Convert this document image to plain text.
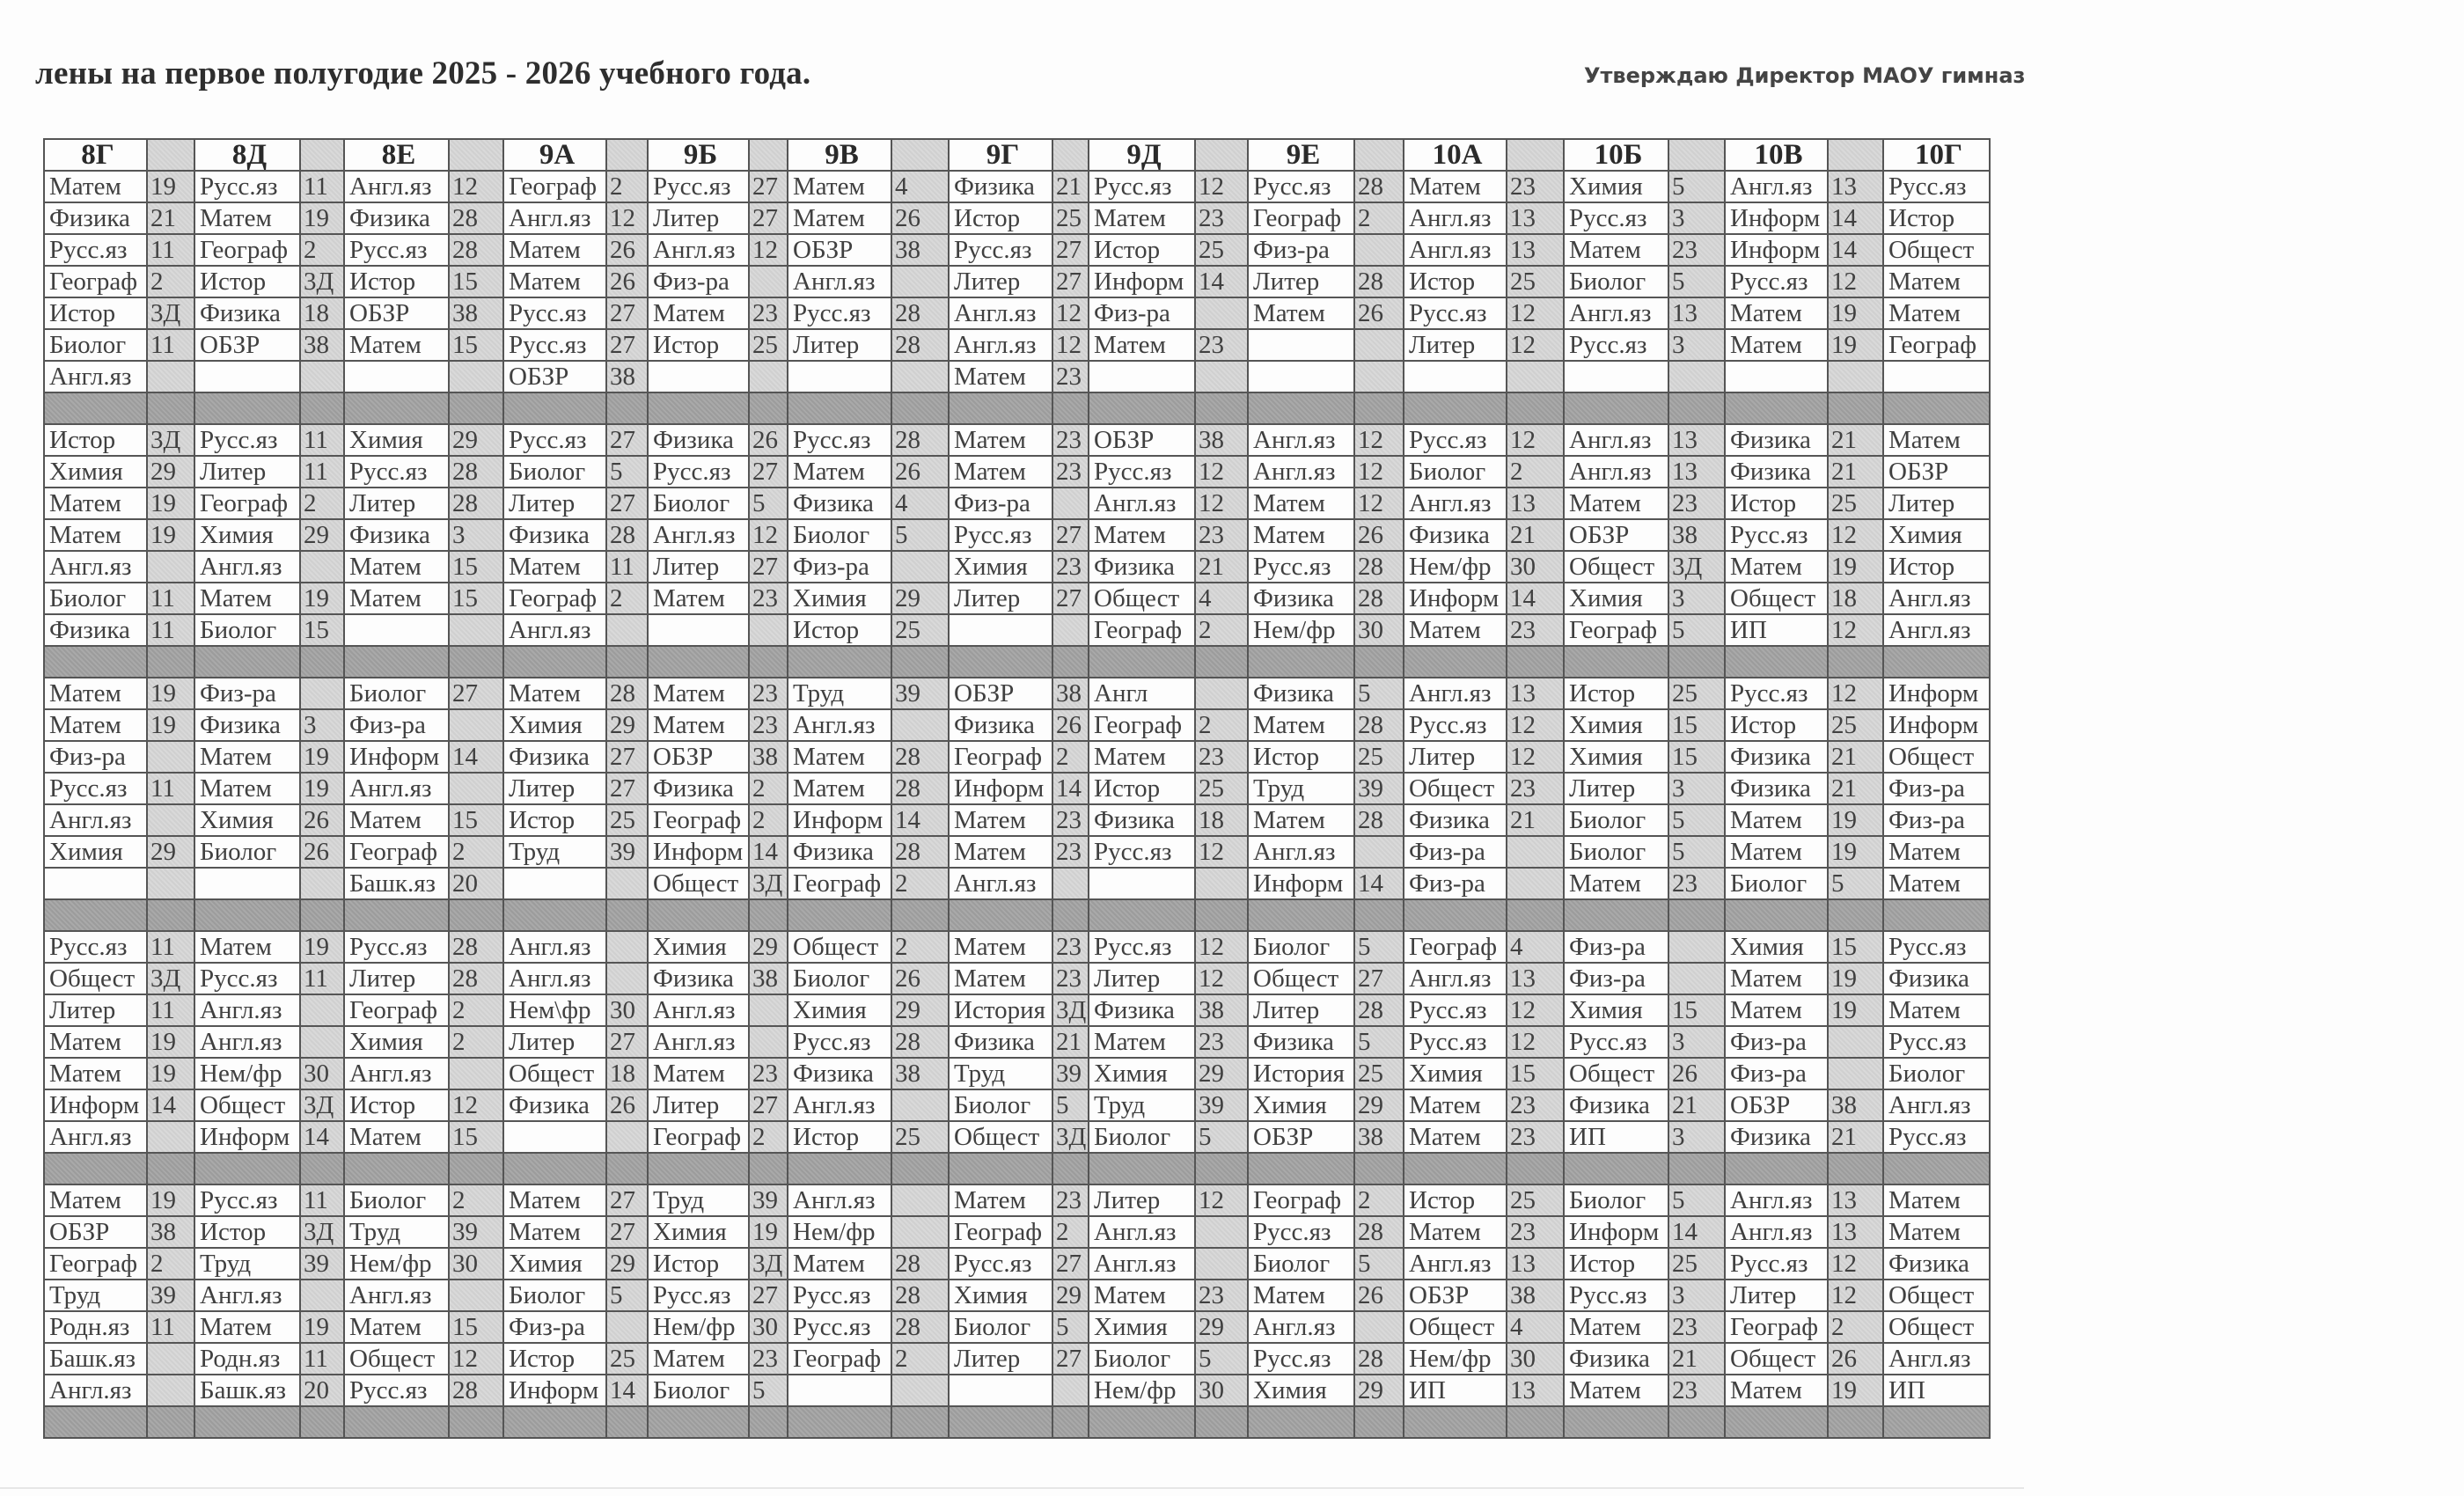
лены на первое полугодие 2025 - 2026 учебного года.	Утверждаю Директор МАОУ гимназ
8Г		8Д		8Е		9А		9Б		9В		9Г		9Д		9Е		10А		10Б		10В		10Г
Матем	19	Русс.яз	11	Англ.яз	12	Географ	2	Русс.яз	27	Матем	4	Физика	21	Русс.яз	12	Русс.яз	28	Матем	23	Химия	5	Англ.яз	13	Русс.яз
Физика	21	Матем	19	Физика	28	Англ.яз	12	Литер	27	Матем	26	Истор	25	Матем	23	Географ	2	Англ.яз	13	Русс.яз	3	Информ	14	Истор
Русс.яз	11	Географ	2	Русс.яз	28	Матем	26	Англ.яз	12	ОБЗР	38	Русс.яз	27	Истор	25	Физ-ра		Англ.яз	13	Матем	23	Информ	14	Общест
Географ	2	Истор	3Д	Истор	15	Матем	26	Физ-ра		Англ.яз		Литер	27	Информ	14	Литер	28	Истор	25	Биолог	5	Русс.яз	12	Матем
Истор	3Д	Физика	18	ОБЗР	38	Русс.яз	27	Матем	23	Русс.яз	28	Англ.яз	12	Физ-ра		Матем	26	Русс.яз	12	Англ.яз	13	Матем	19	Матем
Биолог	11	ОБЗР	38	Матем	15	Русс.яз	27	Истор	25	Литер	28	Англ.яз	12	Матем	23			Литер	12	Русс.яз	3	Матем	19	Географ
Англ.яз						ОБЗР	38					Матем	23											

Истор	3Д	Русс.яз	11	Химия	29	Русс.яз	27	Физика	26	Русс.яз	28	Матем	23	ОБЗР	38	Англ.яз	12	Русс.яз	12	Англ.яз	13	Физика	21	Матем
Химия	29	Литер	11	Русс.яз	28	Биолог	5	Русс.яз	27	Матем	26	Матем	23	Русс.яз	12	Англ.яз	12	Биолог	2	Англ.яз	13	Физика	21	ОБЗР
Матем	19	Географ	2	Литер	28	Литер	27	Биолог	5	Физика	4	Физ-ра		Англ.яз	12	Матем	12	Англ.яз	13	Матем	23	Истор	25	Литер
Матем	19	Химия	29	Физика	3	Физика	28	Англ.яз	12	Биолог	5	Русс.яз	27	Матем	23	Матем	26	Физика	21	ОБЗР	38	Русс.яз	12	Химия
Англ.яз		Англ.яз		Матем	15	Матем	11	Литер	27	Физ-ра		Химия	23	Физика	21	Русс.яз	28	Нем/фр	30	Общест	3Д	Матем	19	Истор
Биолог	11	Матем	19	Матем	15	Географ	2	Матем	23	Химия	29	Литер	27	Общест	4	Физика	28	Информ	14	Химия	3	Общест	18	Англ.яз
Физика	11	Биолог	15			Англ.яз				Истор	25			Географ	2	Нем/фр	30	Матем	23	Географ	5	ИП	12	Англ.яз

Матем	19	Физ-ра		Биолог	27	Матем	28	Матем	23	Труд	39	ОБЗР	38	Англ		Физика	5	Англ.яз	13	Истор	25	Русс.яз	12	Информ
Матем	19	Физика	3	Физ-ра		Химия	29	Матем	23	Англ.яз		Физика	26	Географ	2	Матем	28	Русс.яз	12	Химия	15	Истор	25	Информ
Физ-ра		Матем	19	Информ	14	Физика	27	ОБЗР	38	Матем	28	Географ	2	Матем	23	Истор	25	Литер	12	Химия	15	Физика	21	Общест
Русс.яз	11	Матем	19	Англ.яз		Литер	27	Физика	2	Матем	28	Информ	14	Истор	25	Труд	39	Общест	23	Литер	3	Физика	21	Физ-ра
Англ.яз		Химия	26	Матем	15	Истор	25	Географ	2	Информ	14	Матем	23	Физика	18	Матем	28	Физика	21	Биолог	5	Матем	19	Физ-ра
Химия	29	Биолог	26	Географ	2	Труд	39	Информ	14	Физика	28	Матем	23	Русс.яз	12	Англ.яз		Физ-ра		Биолог	5	Матем	19	Матем
				Башк.яз	20			Общест	3Д	Географ	2	Англ.яз				Информ	14	Физ-ра		Матем	23	Биолог	5	Матем

Русс.яз	11	Матем	19	Русс.яз	28	Англ.яз		Химия	29	Общест	2	Матем	23	Русс.яз	12	Биолог	5	Географ	4	Физ-ра		Химия	15	Русс.яз
Общест	3Д	Русс.яз	11	Литер	28	Англ.яз		Физика	38	Биолог	26	Матем	23	Литер	12	Общест	27	Англ.яз	13	Физ-ра		Матем	19	Физика
Литер	11	Англ.яз		Географ	2	Нем\фр	30	Англ.яз		Химия	29	История	3Д	Физика	38	Литер	28	Русс.яз	12	Химия	15	Матем	19	Матем
Матем	19	Англ.яз		Химия	2	Литер	27	Англ.яз		Русс.яз	28	Физика	21	Матем	23	Физика	5	Русс.яз	12	Русс.яз	3	Физ-ра		Русс.яз
Матем	19	Нем/фр	30	Англ.яз		Общест	18	Матем	23	Физика	38	Труд	39	Химия	29	История	25	Химия	15	Общест	26	Физ-ра		Биолог
Информ	14	Общест	3Д	Истор	12	Физика	26	Литер	27	Англ.яз		Биолог	5	Труд	39	Химия	29	Матем	23	Физика	21	ОБЗР	38	Англ.яз
Англ.яз		Информ	14	Матем	15			Географ	2	Истор	25	Общест	3Д	Биолог	5	ОБЗР	38	Матем	23	ИП	3	Физика	21	Русс.яз

Матем	19	Русс.яз	11	Биолог	2	Матем	27	Труд	39	Англ.яз		Матем	23	Литер	12	Географ	2	Истор	25	Биолог	5	Англ.яз	13	Матем
ОБЗР	38	Истор	3Д	Труд	39	Матем	27	Химия	19	Нем/фр		Географ	2	Англ.яз		Русс.яз	28	Матем	23	Информ	14	Англ.яз	13	Матем
Географ	2	Труд	39	Нем/фр	30	Химия	29	Истор	3Д	Матем	28	Русс.яз	27	Англ.яз		Биолог	5	Англ.яз	13	Истор	25	Русс.яз	12	Физика
Труд	39	Англ.яз		Англ.яз		Биолог	5	Русс.яз	27	Русс.яз	28	Химия	29	Матем	23	Матем	26	ОБЗР	38	Русс.яз	3	Литер	12	Общест
Родн.яз	11	Матем	19	Матем	15	Физ-ра		Нем/фр	30	Русс.яз	28	Биолог	5	Химия	29	Англ.яз		Общест	4	Матем	23	Географ	2	Общест
Башк.яз		Родн.яз	11	Общест	12	Истор	25	Матем	23	Географ	2	Литер	27	Биолог	5	Русс.яз	28	Нем/фр	30	Физика	21	Общест	26	Англ.яз
Англ.яз		Башк.яз	20	Русс.яз	28	Информ	14	Биолог	5					Нем/фр	30	Химия	29	ИП	13	Матем	23	Матем	19	ИП
